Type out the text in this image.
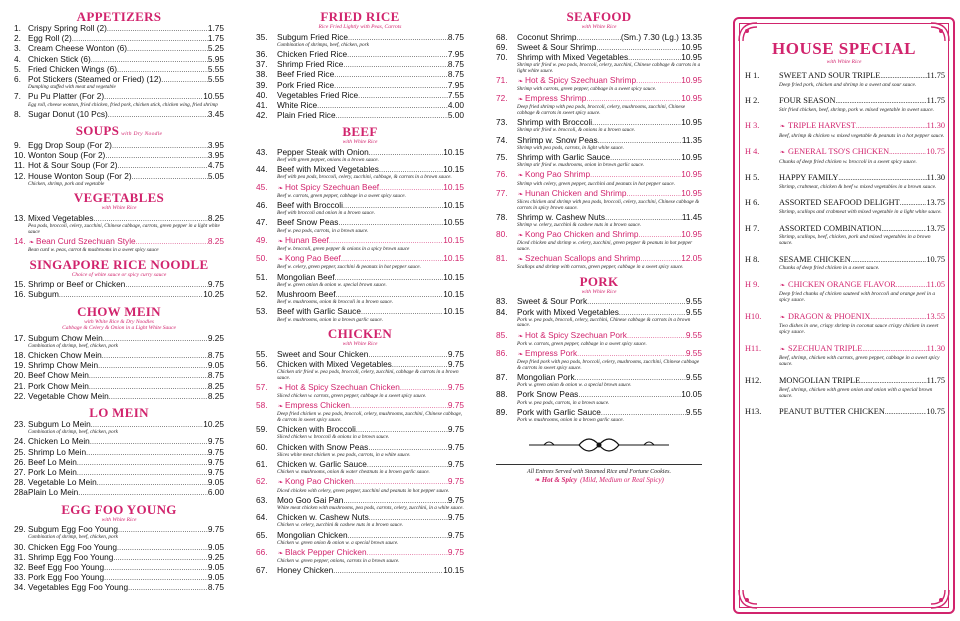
APPETIZERS
1. Crispy Spring Roll (2) .....	1.75
2. Egg Roll (2) .....	1.75
3. Cream Cheese Wonton (6) .....	5.25
4. Chicken Stick (6) .....	5.95
5. Fried Chicken Wings (6) .....	5.55
6. Pot Stickers (Steamed or Fried) (12) .....	5.55
Dumpling stuffed with meat and vegetable
7. Pu Pu Platter (For 2) .....	10.55
Egg roll, cheese wonton, fried chicken, fried pork, chicken stick, chicken wing, fried shrimp
8. Sugar Donut (10 Pcs) .....	3.45
SOUPS with Dry Noodle
9. Egg Drop Soup (For 2) .....	3.95
10. Wonton Soup (For 2) .....	3.95
11. Hot & Sour Soup (For 2) .....	4.75
12. House Wonton Soup (For 2) .....	5.05
Chicken, shrimp, pork and vegetable
VEGETABLES
with White Rice
13. Mixed Vegetables .....	8.25
Pea pods, broccoli, celery, zucchini, Chinese cabbage, carrots, green pepper in a light white sauce
14. ❧ Bean Curd Szechuan Style .....	8.25
Bean curd w. peas, carrot & mushrooms in a sweet spicy sauce
SINGAPORE RICE NOODLE
Choice of white sauce or spicy curry sauce
15. Shrimp or Beef or Chicken .....	9.75
16. Subgum .....	10.25
CHOW MEIN
with White Rice & Dry Noodles
Cabbage & Celery & Onion in a Light White Sauce
17. Subgum Chow Mein .....	9.25
Combination of shrimp, beef, chicken, pork
18. Chicken Chow Mein .....	8.75
19. Shrimp Chow Mein .....	9.05
20. Beef Chow Mein .....	8.75
21. Pork Chow Mein .....	8.25
22. Vegetable Chow Mein .....	8.25
LO MEIN
23. Subgum Lo Mein .....	10.25
Combination of shrimp, beef, chicken, pork
24. Chicken Lo Mein .....	9.75
25. Shrimp Lo Mein .....	9.75
26. Beef Lo Mein .....	9.75
27. Pork Lo Mein .....	9.75
28. Vegetable Lo Mein .....	9.05
28a Plain Lo Mein .....	6.00
EGG FOO YOUNG
with White Rice
29. Subgum Egg Foo Young .....	9.75
Combination of shrimp, beef, chicken, pork
30. Chicken Egg Foo Young .....	9.05
31. Shrimp Egg Foo Young .....	9.25
32. Beef Egg Foo Young .....	9.05
33. Pork Egg Foo Young .....	9.05
34. Vegetables Egg Foo Young .....	8.75
FRIED RICE
Rice Fried Lightly with Peas, Carrots
35.	Subgum Fried Rice .....	8.75
Combination of shrimps, beef, chicken, pork
36.	Chicken Fried Rice .....	7.95
37.	Shrimp Fried Rice .....	8.75
38.	Beef Fried Rice .....	8.75
39.	Pork Fried Rice .....	7.95
40.	Vegetables Fried Rice .....	7.55
41.	White Rice .....	4.00
42.	Plain Fried Rice .....	5.00
BEEF
with White Rice
43.	Pepper Steak with Onion .....	10.15
Beef with green pepper, onions in a brown sauce.
44.	Beef with Mixed Vegetables .....	10.15
Beef with pea pods, broccoli, celery, zucchini, cabbage, & carrots in a brown sauce.
45.	❧ Hot Spicy Szechuan Beef .....	10.15
Beef w. carrots, green pepper, cabbage in a sweet spicy sauce.
46.	Beef with Broccoli .....	10.15
Beef with broccoli and onion in a brown sauce.
47.	Beef Snow Peas .....	10.55
Beef w. pea pods, carrots, in a brown sauce.
49.	❧ Hunan Beef .....	10.15
Beef w. broccoli, green pepper & onions in a spicy brown sauce
50.	❧ Kong Pao Beef .....	10.15
Beef w. celery, green pepper, zucchini & peanuts in hot pepper sauce.
51.	Mongolian Beef .....	10.15
Beef w. green onion & onion w. special brown sauce.
52.	Mushroom Beef .....	10.15
Beef w. mushrooms, onion & broccoli in a brown sauce.
53.	Beef with Garlic Sauce .....	10.15
Beef w. mushrooms, onion in a brown garlic sauce.
CHICKEN
with White Rice
55.	Sweet and Sour Chicken .....	9.75
56.	Chicken with Mixed Vegetables .....	9.75
Chicken stir fried w. pea pods, broccoli, celery, zucchini, cabbage & carrots in a brown sauce.
57.	❧ Hot & Spicy Szechuan Chicken .....	9.75
Sliced chicken w. carrots, green pepper, cabbage in a sweet spicy sauce.
58.	❧ Empress Chicken .....	9.75
Deep fried chicken w. pea pods, broccoli, celery, mushrooms, zucchini, Chinese cabbage, & carrots in sweet spicy sauce.
59.	Chicken with Broccoli .....	9.75
Sliced chicken w. broccoli & onions in a brown sauce.
60.	Chicken with Snow Peas .....	9.75
Slices white meat chicken w. pea pods, carrots, in a white sauce.
61.	Chicken w. Garlic Sauce .....	9.75
Chicken w. mushrooms, onion & water chestnuts in a brown garlic sauce.
62.	❧ Kong Pao Chicken .....	9.75
Diced chicken with celery, green pepper, zucchini and peanuts in hot pepper sauce.
63.	Moo Goo Gai Pan .....	9.75
White meat chicken with mushrooms, pea pods, carrots, celery, zucchini, in a white sauce.
64.	Chicken w. Cashew Nuts .....	9.75
Chicken w. celery, zucchini & cashew nuts in a brown sauce.
65.	Mongolian Chicken .....	9.75
Chicken w. green onion & onion w. a special brown sauce.
66.	❧ Black Pepper Chicken .....	9.75
Chicken w. green pepper, onions, carrots in a brown sauce.
67.	Honey Chicken .....	10.15
SEAFOOD
with White Rice
68.	Coconut Shrimp .....	(Sm.) 7.30 (Lg.) 13.35
69.	Sweet & Sour Shrimp .....	10.95
70.	Shrimp with Mixed Vegetables .....	10.95
Shrimp stir fried w. pea pods, broccoli, celery, zucchini, Chinese cabbage & carrots in a light white sauce.
71.	❧ Hot & Spicy Szechuan Shrimp .....	10.95
Shrimp with carrots, green pepper, cabbage in a sweet spicy sauce.
72.	❧ Empress Shrimp .....	10.95
Deep fried shrimp with pea pods, broccoli, celery, mushrooms, zucchini, Chinese cabbage & carrots in sweet spicy sauce.
73.	Shrimp with Broccoli .....	10.95
Shrimp stir fried w. broccoli, & onions in a brown sauce.
74.	Shrimp w. Snow Peas .....	11.35
Shrimp with pea pods, carrots, in light white sauce.
75.	Shrimp with Garlic Sauce .....	10.95
Shrimp stir fried w. mushrooms, onion in brown garlic sauce.
76.	❧ Kong Pao Shrimp .....	10.95
Shrimp with celery, green pepper, zucchini and peanuts in hot pepper sauce.
77.	❧ Hunan Chicken and Shrimp .....	10.95
Slices chicken and shrimp with pea pods, broccoli, celery, zucchini, Chinese cabbage & carrots in spicy brown sauce.
78.	Shrimp w. Cashew Nuts .....	11.45
Shrimp w. celery, zucchini & cashew nuts in a brown sauce.
80.	❧ Kong Pao Chicken and Shrimp .....	10.95
Diced chicken and shrimp w. celery, zucchini, green pepper & peanuts in hot pepper sauce.
81.	❧ Szechuan Scallops and Shrimp .....	12.05
Scallops and shrimp with carrots, green pepper, cabbage in a sweet spicy sauce.
PORK
with White Rice
83.	Sweet & Sour Pork .....	9.55
84.	Pork with Mixed Vegetables .....	9.55
Pork w. pea pods, broccoli, celery, zucchini, Chinese cabbage & carrots in a brown sauce.
85.	❧ Hot & Spicy Szechuan Pork .....	9.55
Pork w. carrots, green pepper, cabbage in a sweet spicy sauce.
86.	❧ Empress Pork .....	9.55
Deep fried pork with pea pods, broccoli, celery, mushrooms, zucchini, Chinese cabbage & carrots in sweet spicy sauce.
87.	Mongolian Pork .....	9.55
Pork w. green onion & onion w. a special brown sauce.
88.	Pork Snow Peas .....	10.05
Pork w. pea pods, carrots, in a brown sauce.
89.	Pork with Garlic Sauce .....	9.55
Pork w. mushrooms, onion in a brown garlic sauce.
All Entrees Served with Steamed Rice and Fortune Cookies.
❧ Hot & Spicy (Mild, Medium or Real Spicy)
HOUSE SPECIAL
with White Rice
H 1.	SWEET AND SOUR TRIPLE .....	11.75
Deep fried pork, chicken and shrimp in a sweet and sour sauce.
H 2.	FOUR SEASON .....	11.75
Stir fried chicken, beef, shrimp, pork w. mixed vegetable in sweet sauce.
H 3.	❧ TRIPLE HARVEST .....	11.30
Beef, shrimp & chicken w. mixed vegetable & peanuts in a hot pepper sauce.
H 4.	❧ GENERAL TSO'S CHICKEN .....	10.75
Chunks of deep fried chicken w. broccoli in a sweet spicy sauce.
H 5.	HAPPY FAMILY .....	11.30
Shrimp, crabmeat, chicken & beef w. mixed vegetables in a brown sauce.
H 6.	ASSORTED SEAFOOD DELIGHT .....	13.75
Shrimp, scallops and crabmeat with mixed vegetable in a light white sauce.
H 7.	ASSORTED COMBINATION .....	13.75
Shrimp, scallops, beef, chicken, pork and mixed vegetables in a brown sauce.
H 8.	SESAME CHICKEN .....	10.75
Chunks of deep fried chicken in a sweet sauce.
H 9.	❧ CHICKEN ORANGE FLAVOR .....	11.05
Deep fried chunks of chicken sauteed with broccoli and orange peel in a spicy sauce.
H10.	❧ DRAGON & PHOENIX .....	13.55
Two dishes in one, crispy shrimp in coconut sauce crispy chicken in sweet spicy sauce.
H11.	❧ SZECHUAN TRIPLE .....	11.30
Beef, shrimp, chicken with carrots, green pepper, cabbage in a sweet spicy sauce.
H12.	MONGOLIAN TRIPLE .....	11.75
Beef, shrimp, chicken with green onion and onion with a special brown sauce.
H13.	PEANUT BUTTER CHICKEN .....	10.75
